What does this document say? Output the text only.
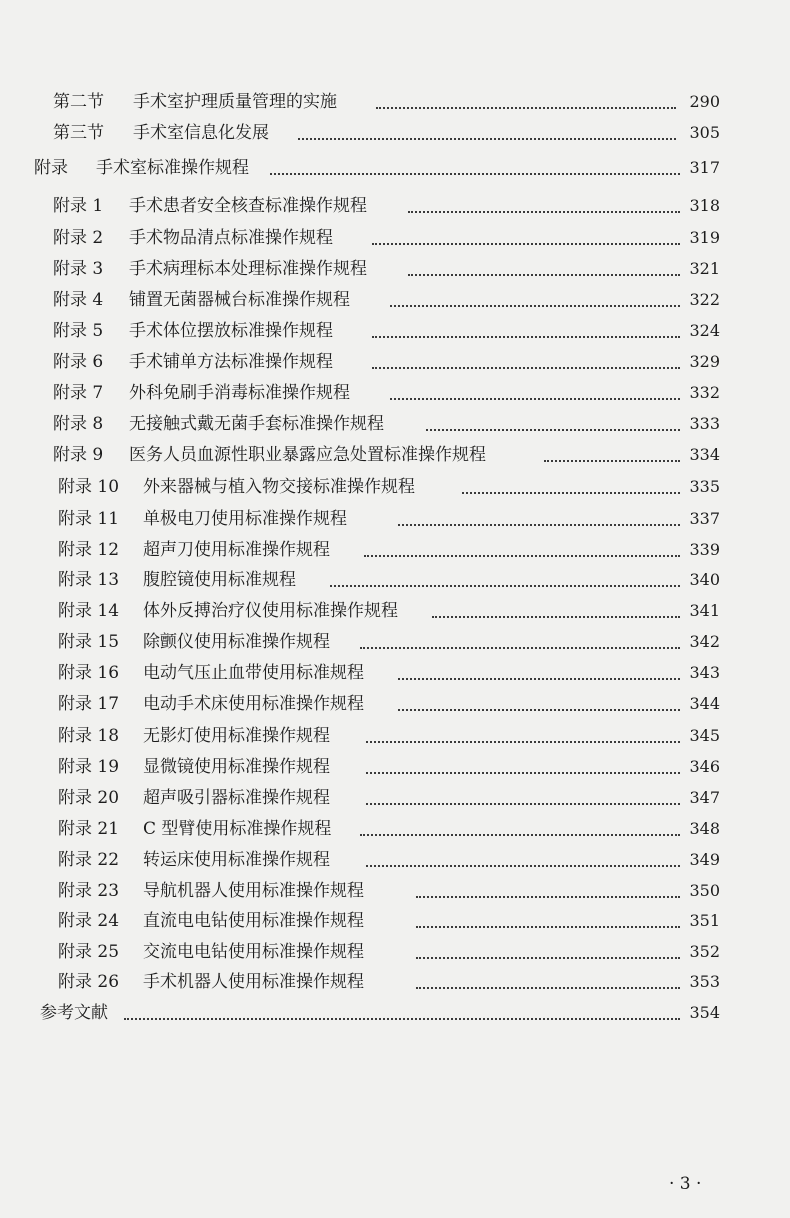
第二节 手术室护理质量管理的实施	290
第三节 手术室信息化发展	305
附录 手术室标准操作规程	317
附录 1 手术患者安全核查标准操作规程	318
附录 2 手术物品清点标准操作规程	319
附录 3 手术病理标本处理标准操作规程	321
附录 4 铺置无菌器械台标准操作规程	322
附录 5 手术体位摆放标准操作规程	324
附录 6 手术铺单方法标准操作规程	329
附录 7 外科免刷手消毒标准操作规程	332
附录 8 无接触式戴无菌手套标准操作规程	333
附录 9 医务人员血源性职业暴露应急处置标准操作规程	334
附录 10 外来器械与植入物交接标准操作规程	335
附录 11 单极电刀使用标准操作规程	337
附录 12 超声刀使用标准操作规程	339
附录 13 腹腔镜使用标准规程	340
附录 14 体外反搏治疗仪使用标准操作规程	341
附录 15 除颤仪使用标准操作规程	342
附录 16 电动气压止血带使用标准规程	343
附录 17 电动手术床使用标准操作规程	344
附录 18 无影灯使用标准操作规程	345
附录 19 显微镜使用标准操作规程	346
附录 20 超声吸引器标准操作规程	347
附录 21 C 型臂使用标准操作规程	348
附录 22 转运床使用标准操作规程	349
附录 23 导航机器人使用标准操作规程	350
附录 24 直流电电钻使用标准操作规程	351
附录 25 交流电电钻使用标准操作规程	352
附录 26 手术机器人使用标准操作规程	353
参考文献	354
· 3 ·
